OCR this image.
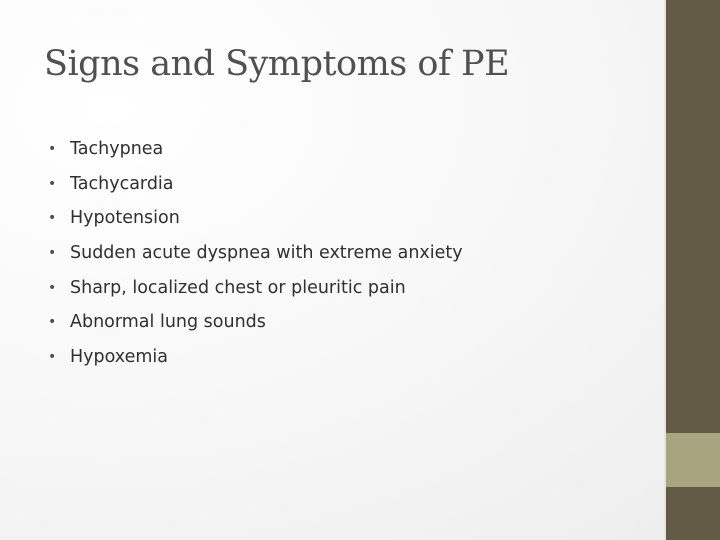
Signs and Symptoms of PE
• Tachypnea
• Tachycardia
• Hypotension
• Sudden acute dyspnea with extreme anxiety
• Sharp, localized chest or pleuritic pain
• Abnormal lung sounds
• Hypoxemia
